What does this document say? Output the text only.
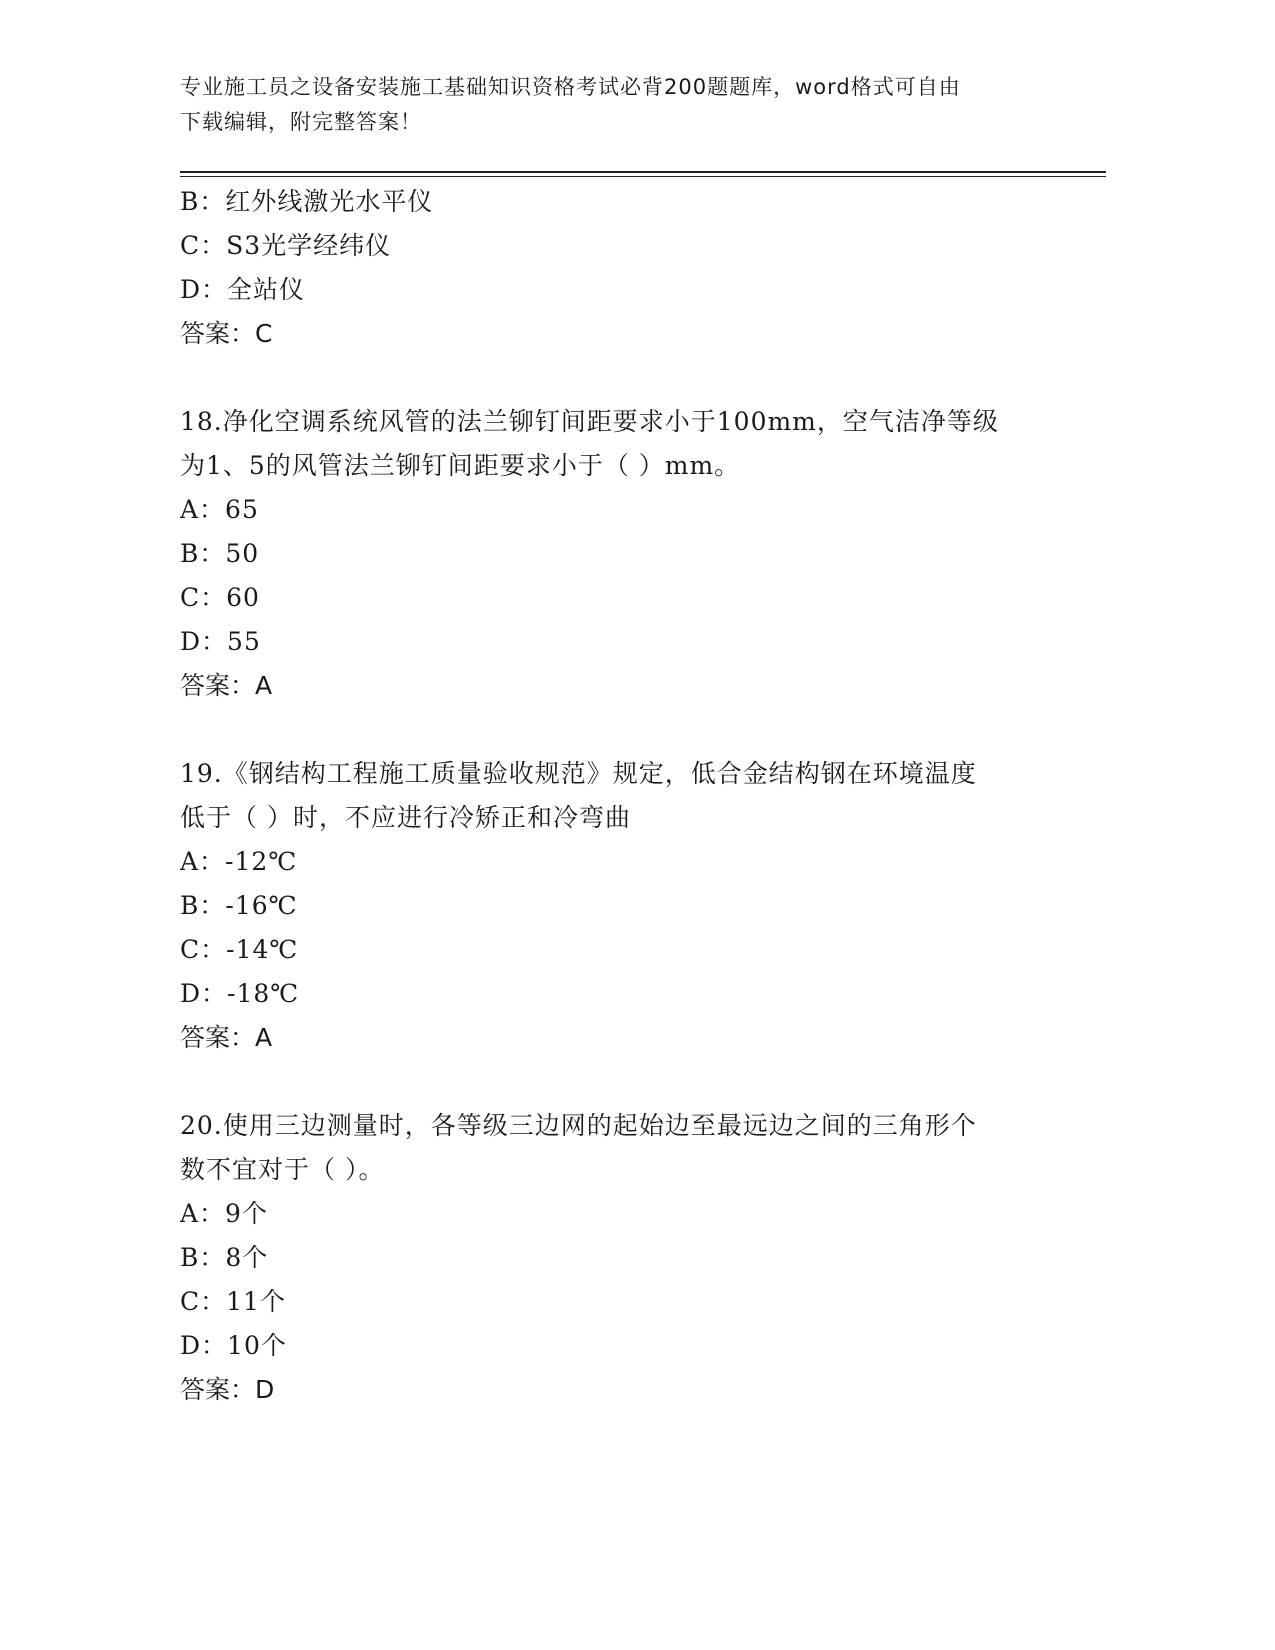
专业施工员之设备安装施工基础知识资格考试必背200题题库，word格式可自由
下载编辑，附完整答案！
B：红外线激光水平仪
C：S3光学经纬仪
D：全站仪
答案：C
18.净化空调系统风管的法兰铆钉间距要求小于100mm，空气洁净等级
为1、5的风管法兰铆钉间距要求小于（ ）mm。
A：65
B：50
C：60
D：55
答案：A
19.《钢结构工程施工质量验收规范》规定，低合金结构钢在环境温度
低于（ ）时，不应进行冷矫正和冷弯曲
A：-12℃
B：-16℃
C：-14℃
D：-18℃
答案：A
20.使用三边测量时，各等级三边网的起始边至最远边之间的三角形个
数不宜对于（ ）。
A：9个
B：8个
C：11个
D：10个
答案：D
